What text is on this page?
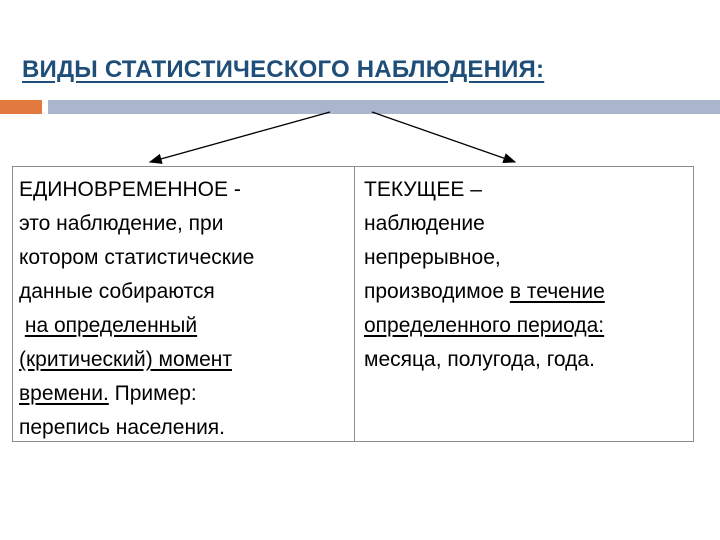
ВИДЫ СТАТИСТИЧЕСКОГО НАБЛЮДЕНИЯ:
ЕДИНОВРЕМЕННОЕ -
это наблюдение, при
котором статистические
данные собираются
на определенный
(критический) момент
времени. Пример:
перепись населения.
ТЕКУЩЕЕ –
наблюдение
непрерывное,
производимое в течение
определенного периода:
месяца, полугода, года.
